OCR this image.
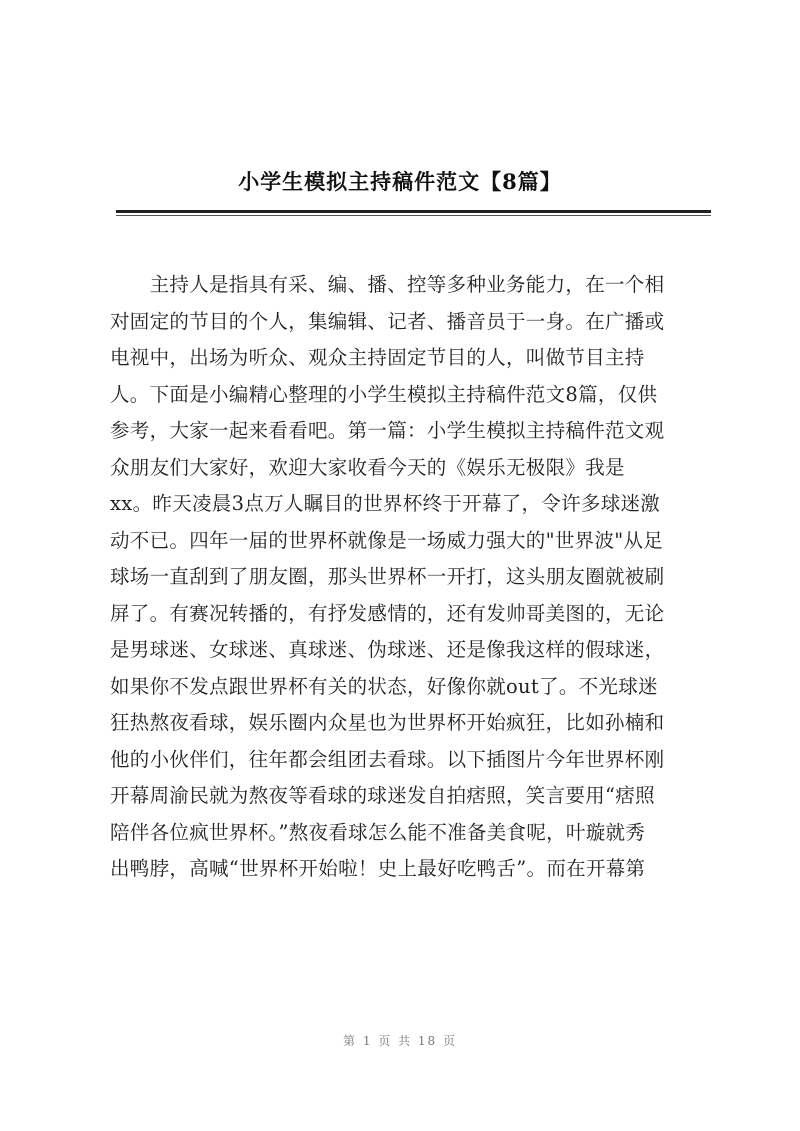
小学生模拟主持稿件范文【8篇】
　　主持人是指具有采、编、播、控等多种业务能力，在一个相
对固定的节目的个人，集编辑、记者、播音员于一身。在广播或
电视中，出场为听众、观众主持固定节目的人，叫做节目主持
人。下面是小编精心整理的小学生模拟主持稿件范文8篇，仅供
参考，大家一起来看看吧。第一篇：小学生模拟主持稿件范文观
众朋友们大家好，欢迎大家收看今天的《娱乐无极限》我是
xx。昨天凌晨3点万人瞩目的世界杯终于开幕了，令许多球迷激
动不已。四年一届的世界杯就像是一场威力强大的"世界波"从足
球场一直刮到了朋友圈，那头世界杯一开打，这头朋友圈就被刷
屏了。有赛况转播的，有抒发感情的，还有发帅哥美图的，无论
是男球迷、女球迷、真球迷、伪球迷、还是像我这样的假球迷，
如果你不发点跟世界杯有关的状态，好像你就out了。不光球迷
狂热熬夜看球，娱乐圈内众星也为世界杯开始疯狂，比如孙楠和
他的小伙伴们，往年都会组团去看球。以下插图片今年世界杯刚
开幕周渝民就为熬夜等看球的球迷发自拍痞照，笑言要用“痞照
陪伴各位疯世界杯。”熬夜看球怎么能不准备美食呢，叶璇就秀
出鸭脖，高喊“世界杯开始啦！史上最好吃鸭舌”。而在开幕第

第 1 页 共 18 页
